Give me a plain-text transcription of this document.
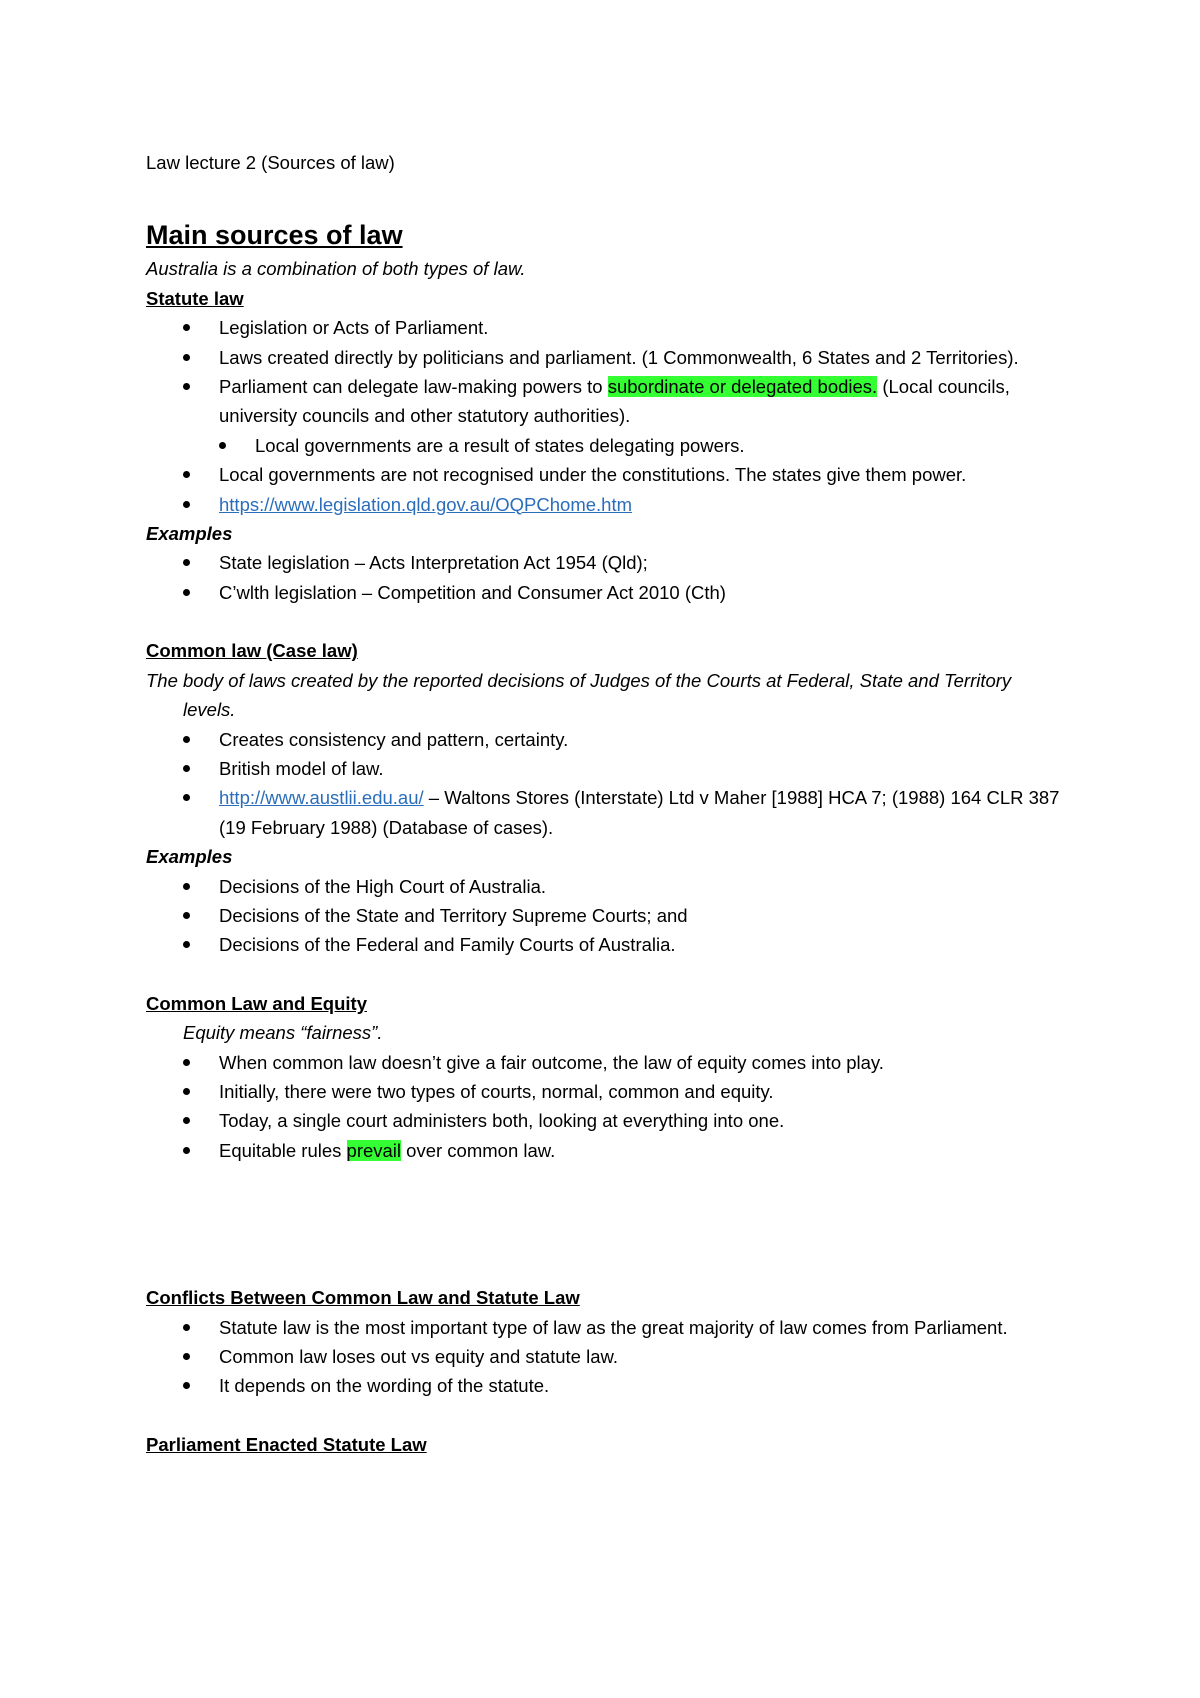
Law lecture 2 (Sources of law)

Main sources of law

Australia is a combination of both types of law.

Statute law

Legislation or Acts of Parliament.
Laws created directly by politicians and parliament. (1 Commonwealth, 6 States and 2 Territories).
Parliament can delegate law-making powers to subordinate or delegated bodies. (Local councils, university councils and other statutory authorities).
Local governments are a result of states delegating powers.
Local governments are not recognised under the constitutions. The states give them power.
https://www.legislation.qld.gov.au/OQPChome.htm

Examples

State legislation – Acts Interpretation Act 1954 (Qld);
C’wlth legislation – Competition and Consumer Act 2010 (Cth)

Common law (Case law)

The body of laws created by the reported decisions of Judges of the Courts at Federal, State and Territory levels.

Creates consistency and pattern, certainty.
British model of law.
http://www.austlii.edu.au/ – Waltons Stores (Interstate) Ltd v Maher [1988] HCA 7; (1988) 164 CLR 387 (19 February 1988) (Database of cases).

Examples

Decisions of the High Court of Australia.
Decisions of the State and Territory Supreme Courts; and
Decisions of the Federal and Family Courts of Australia.

Common Law and Equity

Equity means “fairness”.

When common law doesn’t give a fair outcome, the law of equity comes into play.
Initially, there were two types of courts, normal, common and equity.
Today, a single court administers both, looking at everything into one.
Equitable rules prevail over common law.

Conflicts Between Common Law and Statute Law

Statute law is the most important type of law as the great majority of law comes from Parliament.
Common law loses out vs equity and statute law.
It depends on the wording of the statute.

Parliament Enacted Statute Law
